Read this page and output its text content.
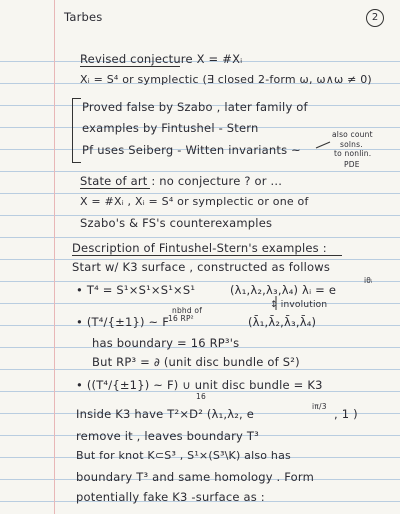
Tarbes	2
Revised conjecture X = #Xᵢ
Xᵢ = S⁴ or symplectic (∃ closed 2-form ω, ω∧ω ≠ 0)
Proved false by Szabo , later family of
examples by Fintushel - Stern
Pf uses Seiberg - Witten invariants ~
also count
solns.
to nonlin.
PDE
State of art : no conjecture ? or ...
X = #Xᵢ , Xᵢ = S⁴ or symplectic or one of
Szabo's & FS's counterexamples
Description of Fintushel-Stern's examples :
Start w/ K3 surface , constructed as follows
• T⁴ = S¹×S¹×S¹×S¹	(λ₁,λ₂,λ₃,λ₄) λᵢ = e
iθᵢ
↕ involution
• (T⁴/{±1}) ~ F
nbhd of
16 RP²	(λ̄₁,λ̄₂,λ̄₃,λ̄₄)
has boundary = 16 RP³'s
But RP³ = ∂ (unit disc bundle of S²)
• ((T⁴/{±1}) ~ F) ∪ unit disc bundle = K3
16
Inside K3 have T²×D² (λ₁,λ₂, e
iπ/3
, 1 )
remove it , leaves boundary T³
But for knot K⊂S³ , S¹×(S³\K) also has
boundary T³ and same homology . Form
potentially fake K3 -surface as :
